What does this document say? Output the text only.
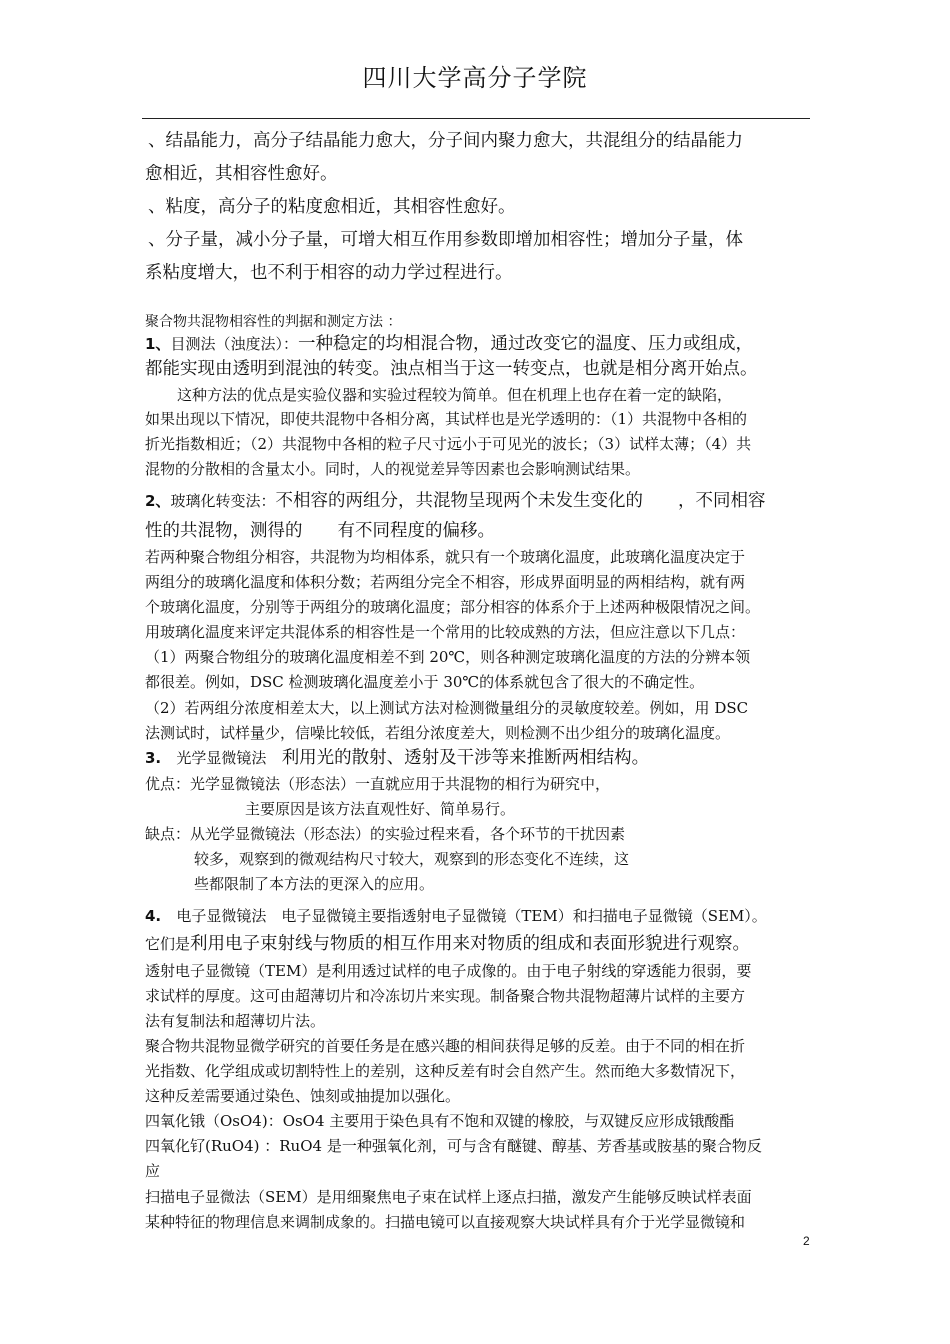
四川大学高分子学院
、结晶能力，高分子结晶能力愈大，分子间内聚力愈大，共混组分的结晶能力
愈相近，其相容性愈好。
、粘度，高分子的粘度愈相近，其相容性愈好。
、分子量，减小分子量，可增大相互作用参数即增加相容性；增加分子量，体
系粘度增大，也不利于相容的动力学过程进行。
聚合物共混物相容性的判据和测定方法 ：
1、目测法（浊度法）：一种稳定的均相混合物，通过改变它的温度、压力或组成，
都能实现由透明到混浊的转变。浊点相当于这一转变点，也就是相分离开始点。
这种方法的优点是实验仪器和实验过程较为简单。但在机理上也存在着一定的缺陷，
如果出现以下情况，即使共混物中各相分离，其试样也是光学透明的：（1）共混物中各相的
折光指数相近；（2）共混物中各相的粒子尺寸远小于可见光的波长；（3）试样太薄；（4）共
混物的分散相的含量太小。同时，人的视觉差异等因素也会影响测试结果。
2、玻璃化转变法：不相容的两组分，共混物呈现两个未发生变化的　　，不同相容
性的共混物，测得的　　有不同程度的偏移。
若两种聚合物组分相容，共混物为均相体系，就只有一个玻璃化温度，此玻璃化温度决定于
两组分的玻璃化温度和体积分数；若两组分完全不相容，形成界面明显的两相结构，就有两
个玻璃化温度，分别等于两组分的玻璃化温度；部分相容的体系介于上述两种极限情况之间。
用玻璃化温度来评定共混体系的相容性是一个常用的比较成熟的方法，但应注意以下几点：
（1）两聚合物组分的玻璃化温度相差不到 20℃，则各种测定玻璃化温度的方法的分辨本领
都很差。例如，DSC 检测玻璃化温度差小于 30℃的体系就包含了很大的不确定性。
（2）若两组分浓度相差太大，以上测试方法对检测微量组分的灵敏度较差。例如，用 DSC
法测试时，试样量少，信噪比较低，若组分浓度差大，则检测不出少组分的玻璃化温度。
3. 光学显微镜法 利用光的散射、透射及干涉等来推断两相结构。
优点：光学显微镜法（形态法）一直就应用于共混物的相行为研究中，
主要原因是该方法直观性好、简单易行。
缺点：从光学显微镜法（形态法）的实验过程来看，各个环节的干扰因素
较多，观察到的微观结构尺寸较大，观察到的形态变化不连续，这
些都限制了本方法的更深入的应用。
4. 电子显微镜法　电子显微镜主要指透射电子显微镜（TEM）和扫描电子显微镜（SEM）。
它们是利用电子束射线与物质的相互作用来对物质的组成和表面形貌进行观察。
透射电子显微镜（TEM）是利用透过试样的电子成像的。由于电子射线的穿透能力很弱，要
求试样的厚度。这可由超薄切片和冷冻切片来实现。制备聚合物共混物超薄片试样的主要方
法有复制法和超薄切片法。
聚合物共混物显微学研究的首要任务是在感兴趣的相间获得足够的反差。由于不同的相在折
光指数、化学组成或切割特性上的差别，这种反差有时会自然产生。然而绝大多数情况下，
这种反差需要通过染色、蚀刻或抽提加以强化。
四氧化锇（OsO4)：OsO4 主要用于染色具有不饱和双键的橡胶，与双键反应形成锇酸酯
四氧化钌(RuO4) ：RuO4 是一种强氧化剂，可与含有醚键、醇基、芳香基或胺基的聚合物反
应
扫描电子显微法（SEM）是用细聚焦电子束在试样上逐点扫描，激发产生能够反映试样表面
某种特征的物理信息来调制成象的。扫描电镜可以直接观察大块试样具有介于光学显微镜和
2
